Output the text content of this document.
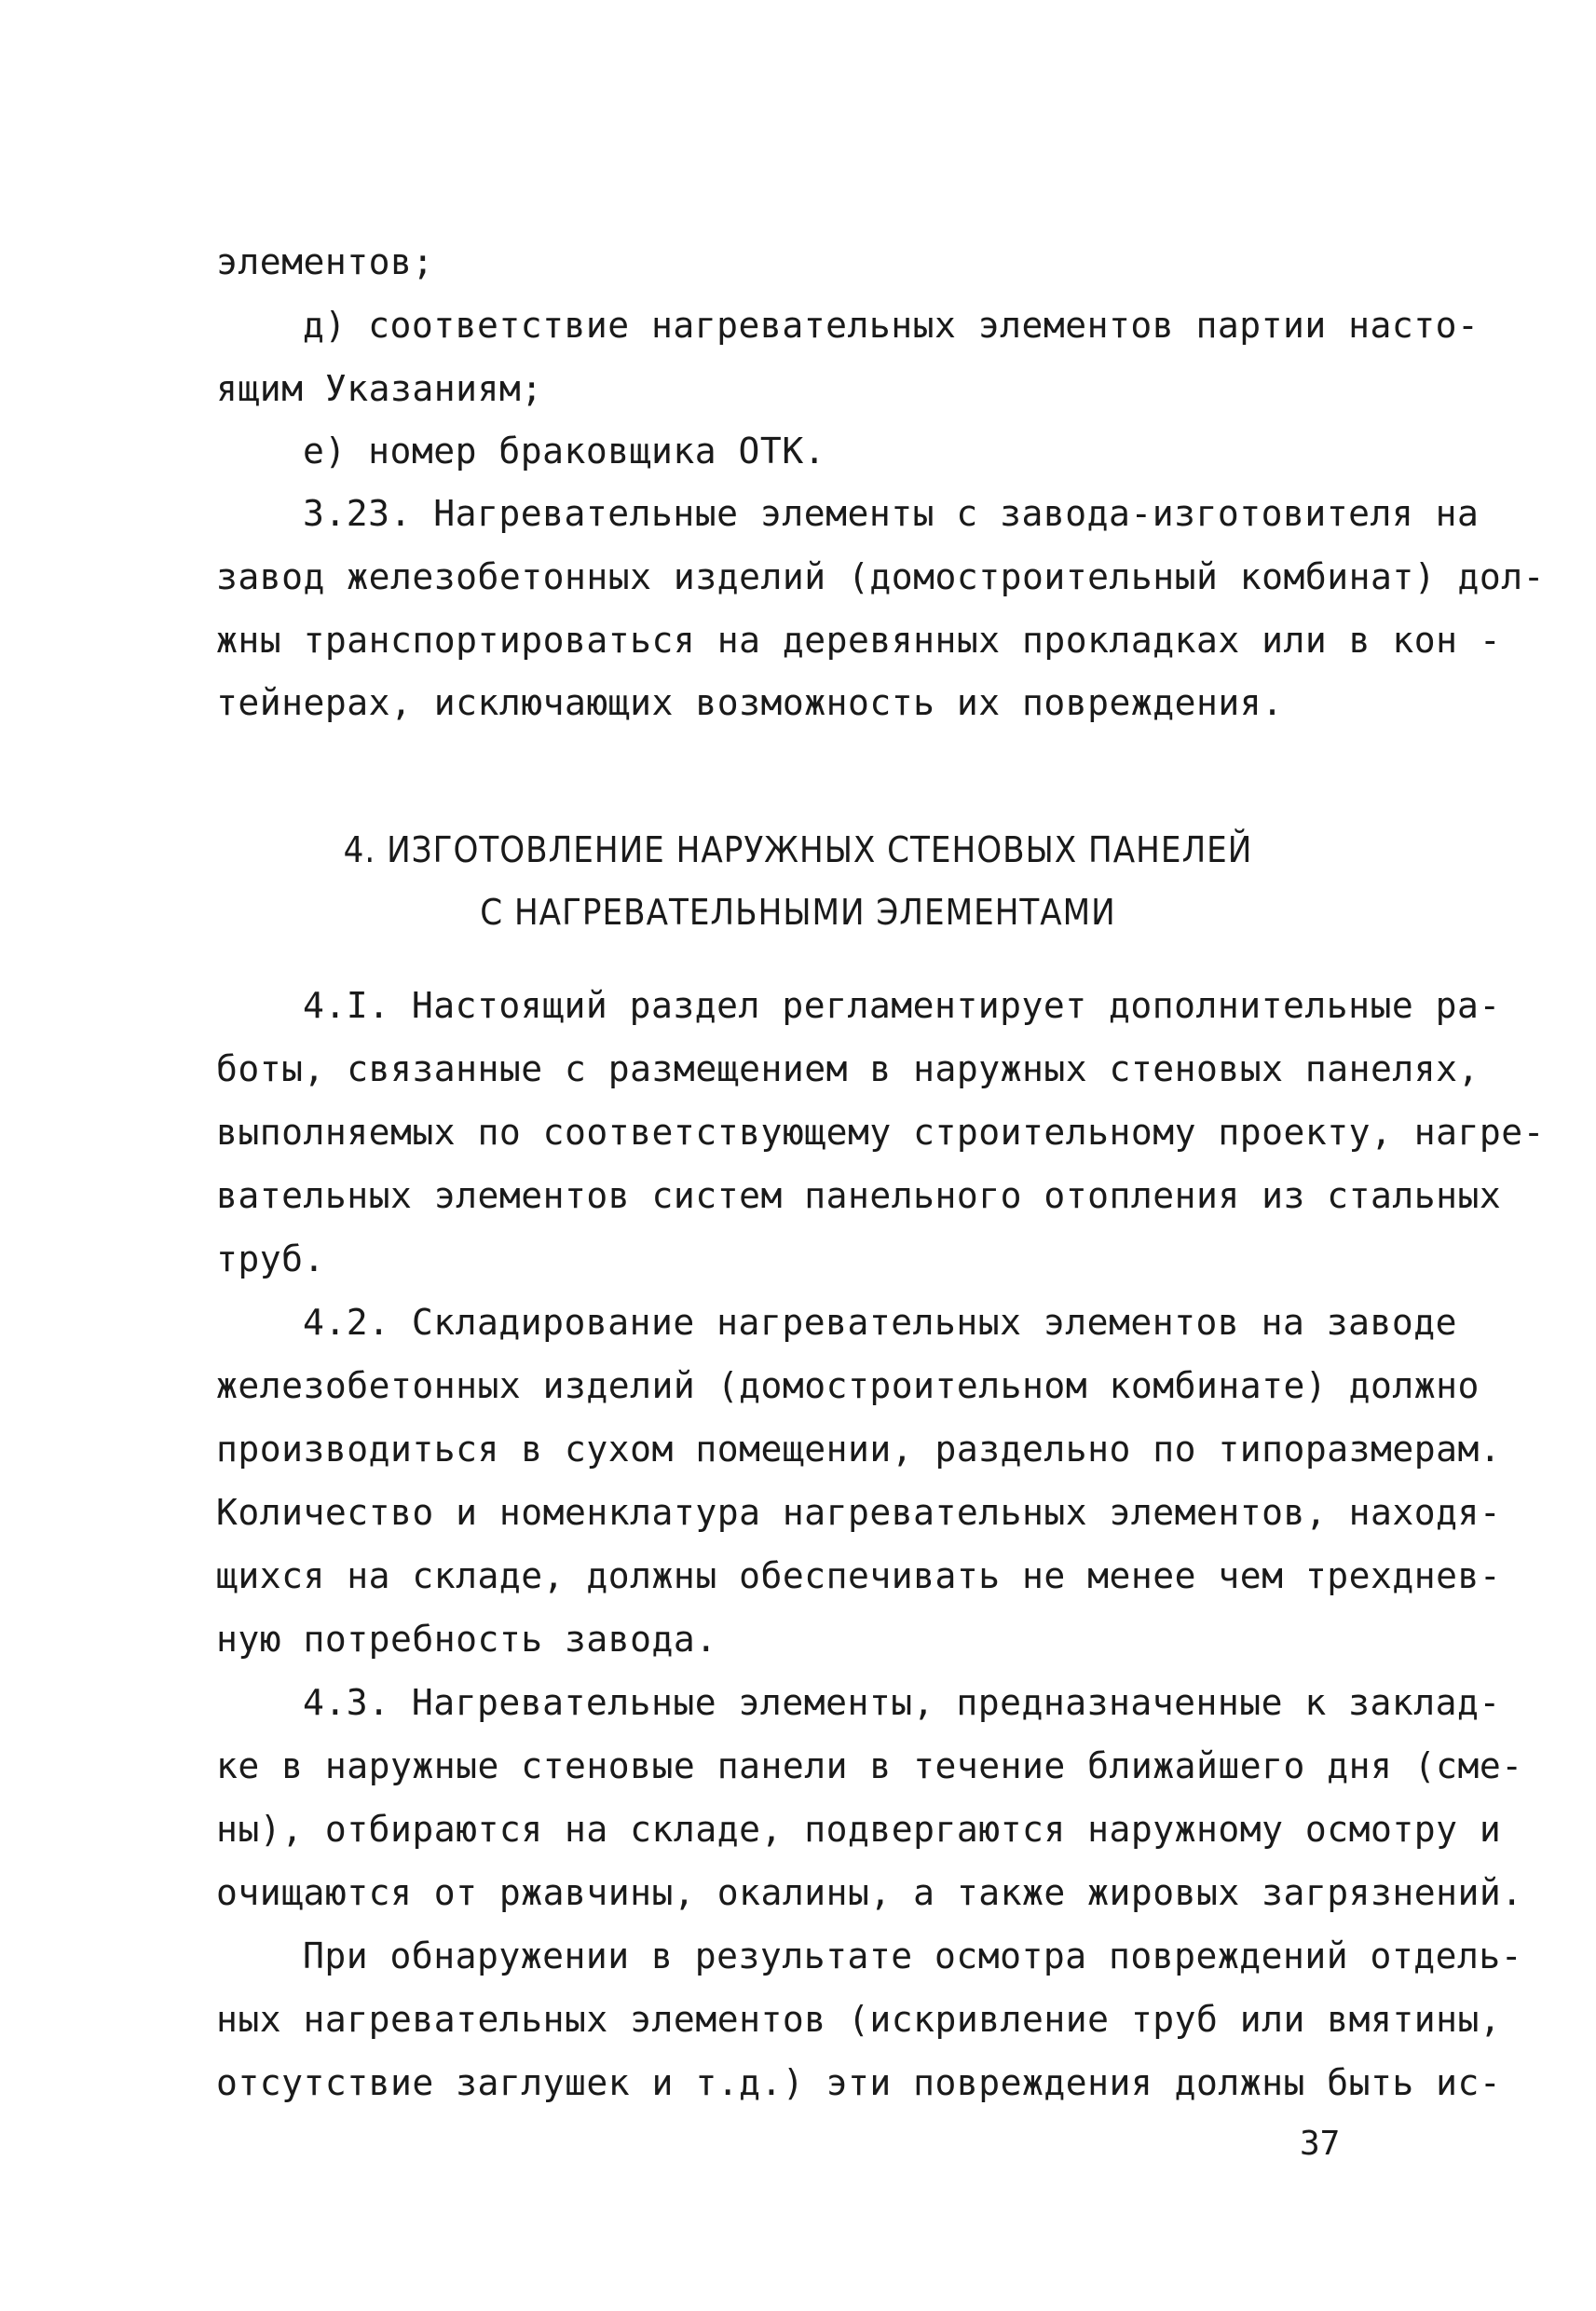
элементов;
д) соответствие нагревательных элементов партии насто-
ящим Указаниям;
е) номер браковщика ОТК.
3.23. Нагревательные элементы с завода-изготовителя на
завод железобетонных изделий (домостроительный комбинат) дол-
жны транспортироваться на деревянных прокладках или в кон -
тейнерах, исключающих возможность их повреждения.
4. ИЗГОТОВЛЕНИЕ НАРУЖНЫХ СТЕНОВЫХ ПАНЕЛЕЙ
С НАГРЕВАТЕЛЬНЫМИ ЭЛЕМЕНТАМИ
4.I. Настоящий раздел регламентирует дополнительные ра-
боты, связанные с размещением в наружных стеновых панелях,
выполняемых по соответствующему строительному проекту, нагре-
вательных элементов систем панельного отопления из стальных
труб.
4.2. Складирование нагревательных элементов на заводе
железобетонных изделий (домостроительном комбинате) должно
производиться в сухом помещении, раздельно по типоразмерам.
Количество и номенклатура нагревательных элементов, находя-
щихся на складе, должны обеспечивать не менее чем трехднев-
ную потребность завода.
4.3. Нагревательные элементы, предназначенные к заклад-
ке в наружные стеновые панели в течение ближайшего дня (сме-
ны), отбираются на складе, подвергаются наружному осмотру и
очищаются от ржавчины, окалины, а также жировых загрязнений.
При обнаружении в результате осмотра повреждений отдель-
ных нагревательных элементов (искривление труб или вмятины,
отсутствие заглушек и т.д.) эти повреждения должны быть ис-
37
